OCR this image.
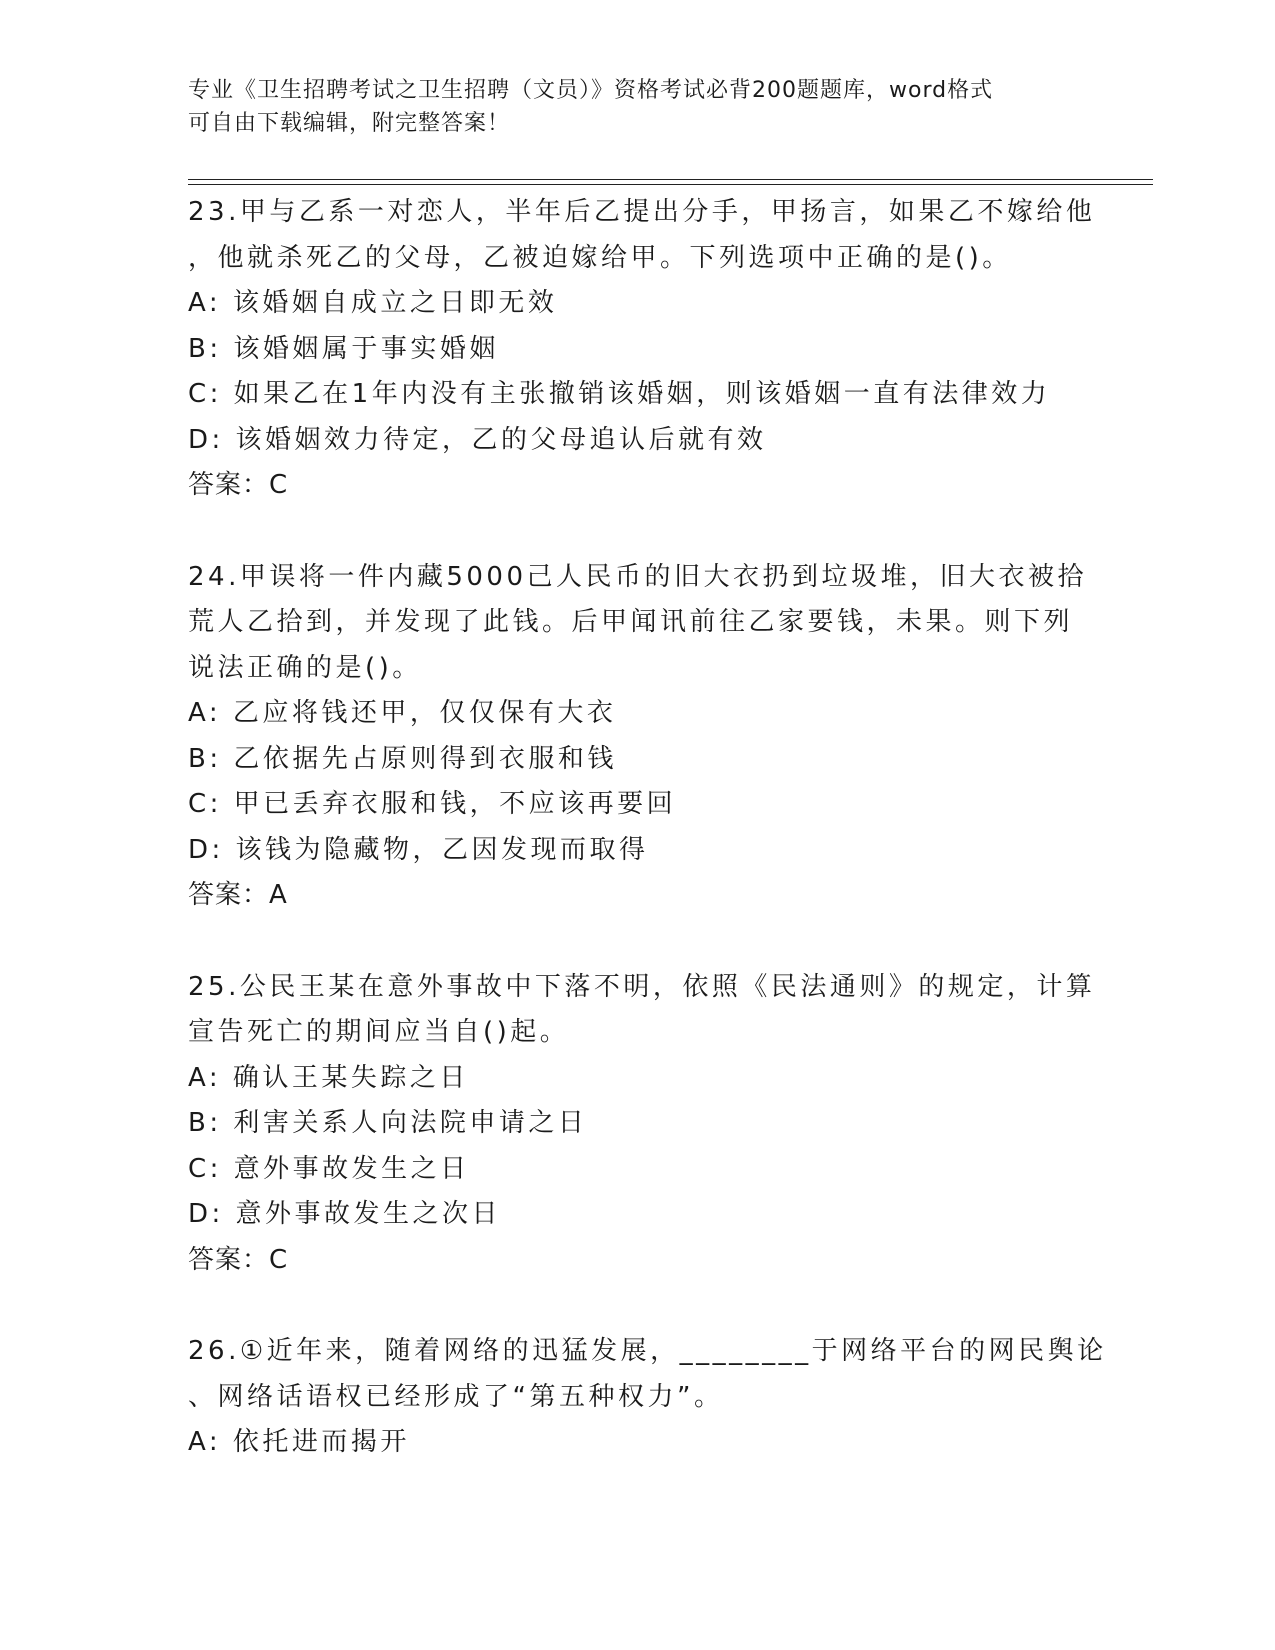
专业《卫生招聘考试之卫生招聘（文员）》资格考试必背200题题库，word格式
可自由下载编辑，附完整答案！
23.甲与乙系一对恋人，半年后乙提出分手，甲扬言，如果乙不嫁给他
，他就杀死乙的父母，乙被迫嫁给甲。下列选项中正确的是()。
A: 该婚姻自成立之日即无效
B: 该婚姻属于事实婚姻
C: 如果乙在1年内没有主张撤销该婚姻，则该婚姻一直有法律效力
D: 该婚姻效力待定，乙的父母追认后就有效
答案：C
24.甲误将一件内藏5000己人民币的旧大衣扔到垃圾堆，旧大衣被拾
荒人乙拾到，并发现了此钱。后甲闻讯前往乙家要钱，未果。则下列
说法正确的是()。
A: 乙应将钱还甲，仅仅保有大衣
B: 乙依据先占原则得到衣服和钱
C: 甲已丢弃衣服和钱，不应该再要回
D: 该钱为隐藏物，乙因发现而取得
答案：A
25.公民王某在意外事故中下落不明，依照《民法通则》的规定，计算
宣告死亡的期间应当自()起。
A: 确认王某失踪之日
B: 利害关系人向法院申请之日
C: 意外事故发生之日
D: 意外事故发生之次日
答案：C
26.①近年来，随着网络的迅猛发展，________于网络平台的网民舆论
、网络话语权已经形成了“第五种权力”。
A: 依托进而揭开
